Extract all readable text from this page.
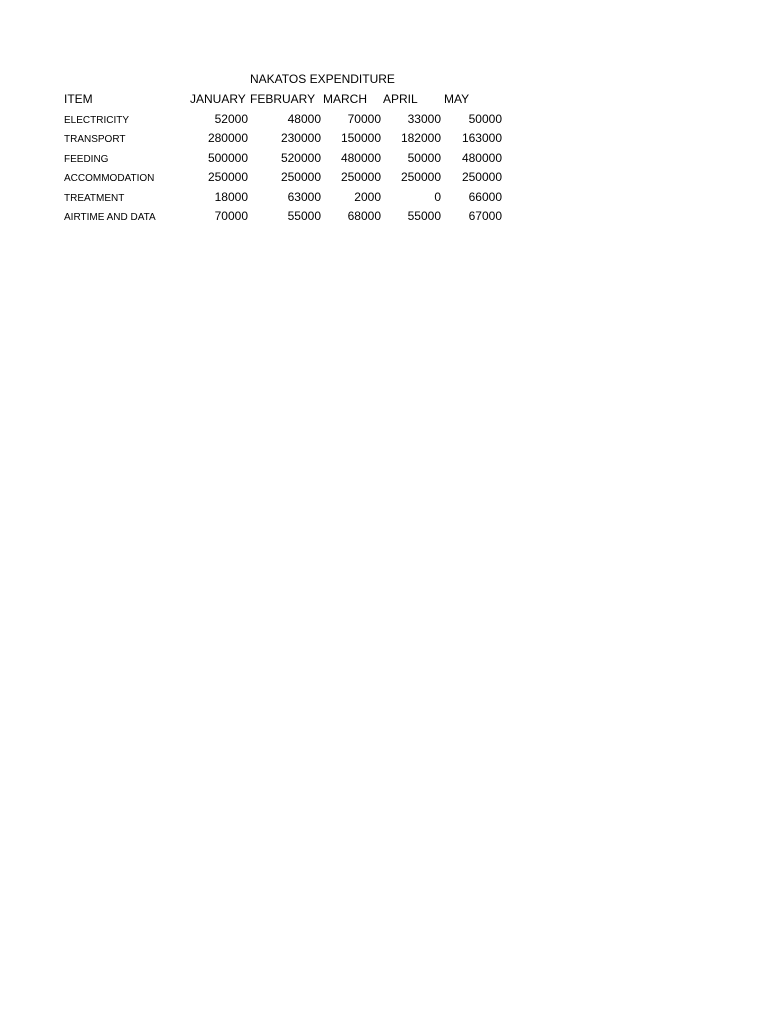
NAKATOS EXPENDITURE
ITEM	JANUARY FEBRUARY MARCH APRIL MAY
ELECTRICITY	52000	48000	70000	33000	50000
TRANSPORT	280000	230000	150000	182000	163000
FEEDING	500000	520000	480000	50000	480000
ACCOMMODATION	250000	250000	250000	250000	250000
TREATMENT	18000	63000	2000	0	66000
AIRTIME AND DATA	70000	55000	68000	55000	67000
